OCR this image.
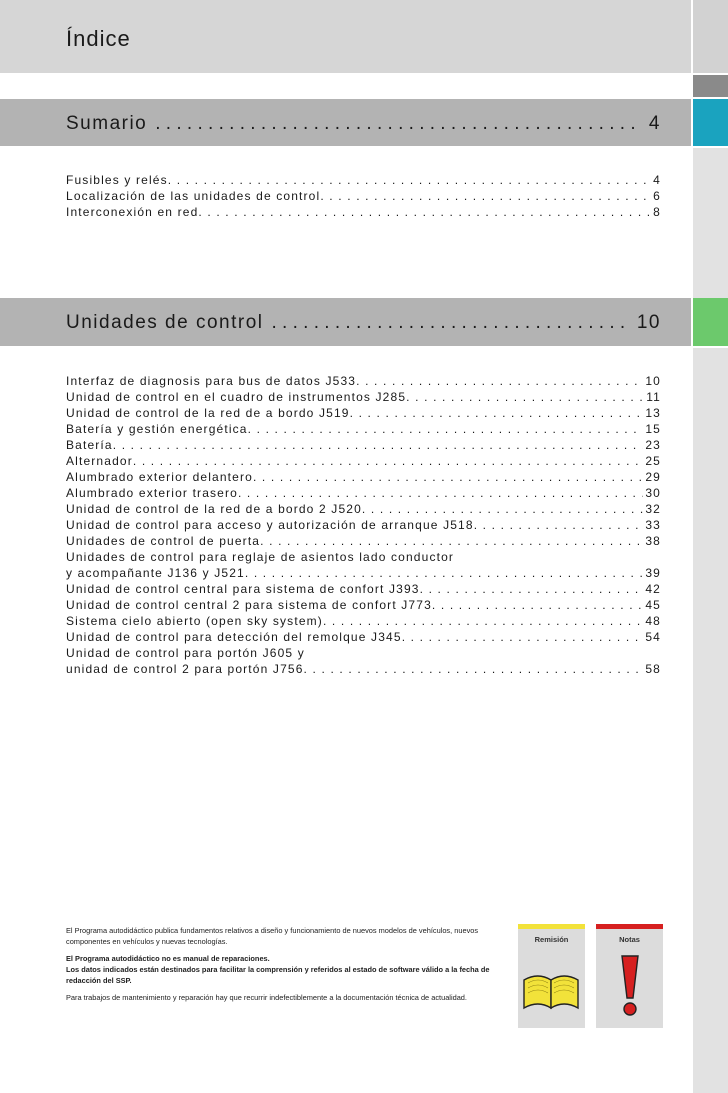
Índice
Sumario . . .	4
Fusibles y relés . . .	4
Localización de las unidades de control . . .	6
Interconexión en red . . .	8
Unidades de control . . .	10
Interfaz de diagnosis para bus de datos J533 . . .	10
Unidad de control en el cuadro de instrumentos J285 . . .	11
Unidad de control de la red de a bordo J519 . . .	13
Batería y gestión energética . . .	15
Batería . . .	23
Alternador . . .	25
Alumbrado exterior delantero . . .	29
Alumbrado exterior trasero . . .	30
Unidad de control de la red de a bordo 2 J520 . . .	32
Unidad de control para acceso y autorización de arranque J518 . . .	33
Unidades de control de puerta . . .	38
Unidades de control para reglaje de asientos lado conductor
y acompañante J136 y J521 . . .	39
Unidad de control central para sistema de confort J393 . . .	42
Unidad de control central 2 para sistema de confort J773 . . .	45
Sistema cielo abierto (open sky system) . . .	48
Unidad de control para detección del remolque J345 . . .	54
Unidad de control para portón J605 y
unidad de control 2 para portón J756 . . .	58

El Programa autodidáctico publica fundamentos relativos a diseño y funcionamiento de nuevos modelos de vehículos, nuevos componentes en vehículos y nuevas tecnologías.

El Programa autodidáctico no es manual de reparaciones.
Los datos indicados están destinados para facilitar la comprensión y referidos al estado de software válido a la fecha de redacción del SSP.

Para trabajos de mantenimiento y reparación hay que recurrir indefectiblemente a la documentación técnica de actualidad.

Remisión	Notas
